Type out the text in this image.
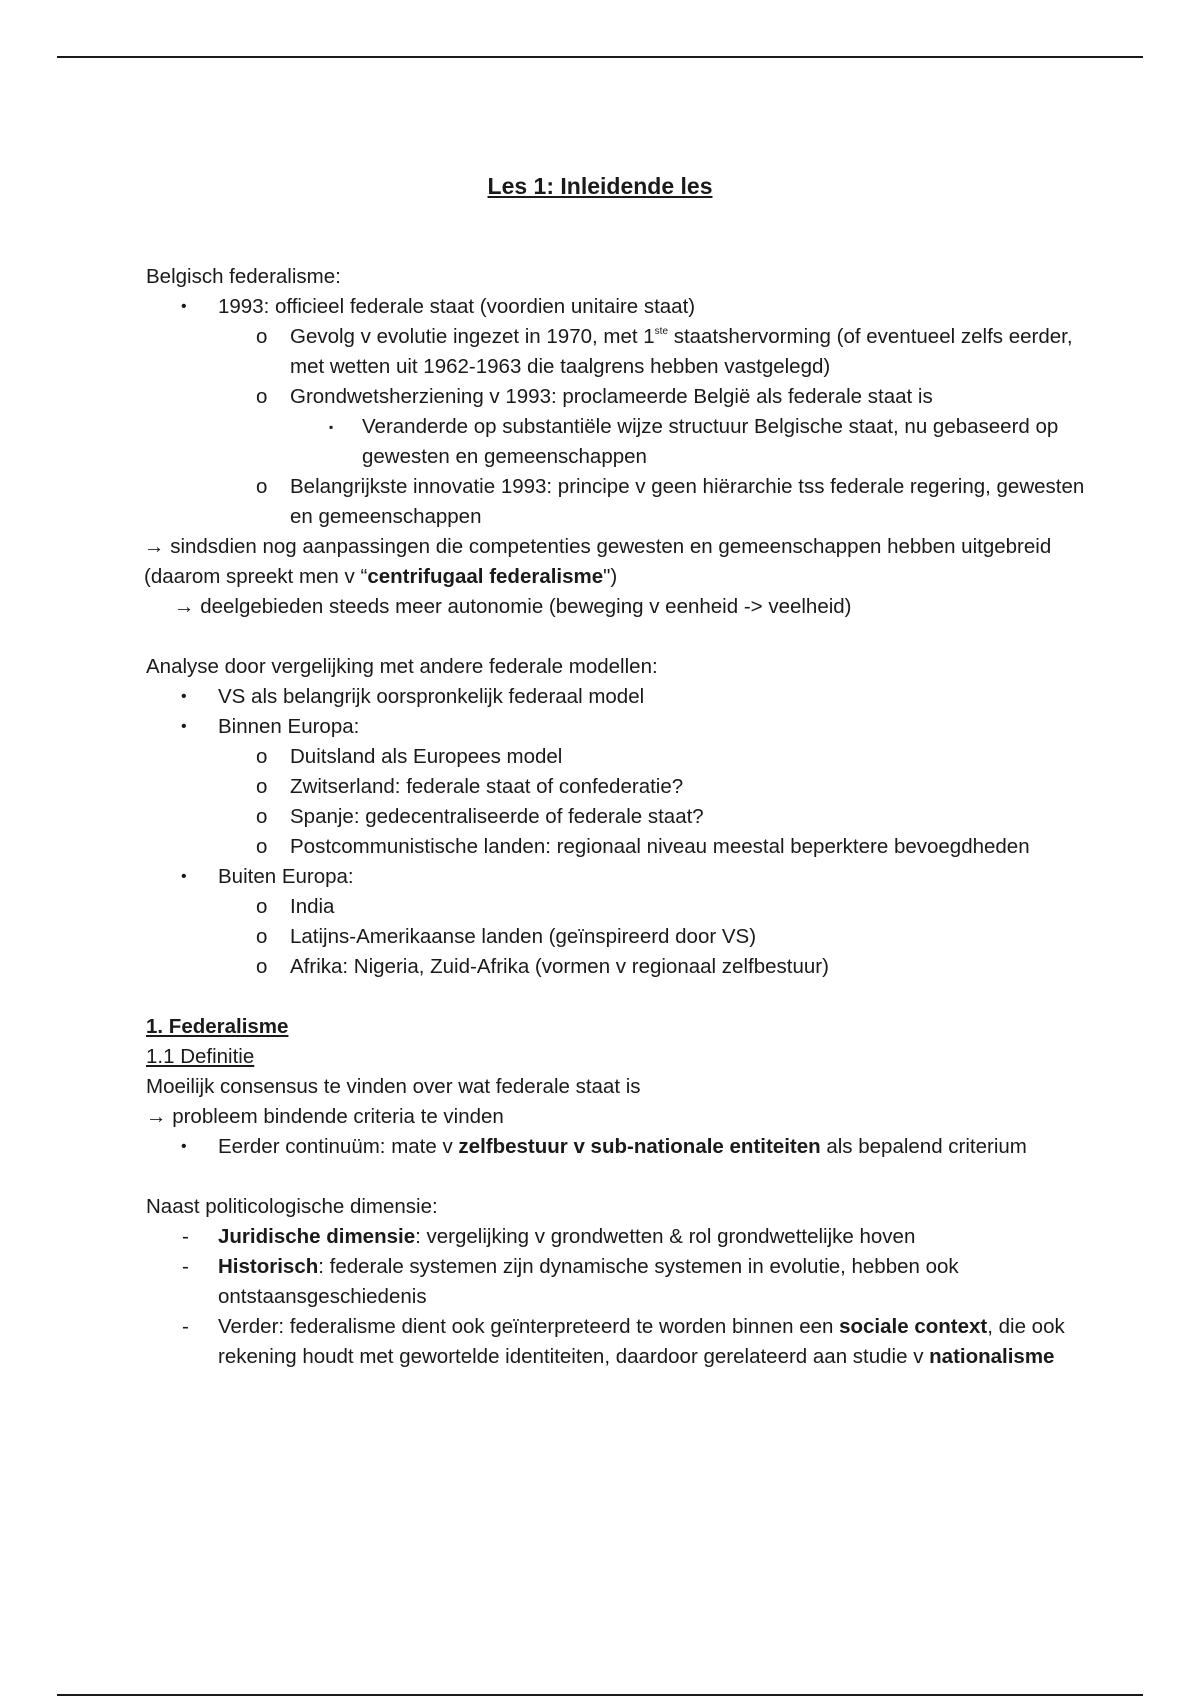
Les 1: Inleidende les

Belgisch federalisme:

• 1993: officieel federale staat (voordien unitaire staat)
o Gevolg v evolutie ingezet in 1970, met 1ste staatshervorming (of eventueel zelfs eerder, met wetten uit 1962-1963 die taalgrens hebben vastgelegd)
o Grondwetsherziening v 1993: proclameerde België als federale staat is
▪ Veranderde op substantiële wijze structuur Belgische staat, nu gebaseerd op gewesten en gemeenschappen
o Belangrijkste innovatie 1993: principe v geen hiërarchie tss federale regering, gewesten en gemeenschappen

→ sindsdien nog aanpassingen die competenties gewesten en gemeenschappen hebben uitgebreid (daarom spreekt men v “centrifugaal federalisme")

→ deelgebieden steeds meer autonomie (beweging v eenheid -> veelheid)

Analyse door vergelijking met andere federale modellen:

• VS als belangrijk oorspronkelijk federaal model
• Binnen Europa:
o Duitsland als Europees model
o Zwitserland: federale staat of confederatie?
o Spanje: gedecentraliseerde of federale staat?
o Postcommunistische landen: regionaal niveau meestal beperktere bevoegdheden
• Buiten Europa:
o India
o Latijns-Amerikaanse landen (geïnspireerd door VS)
o Afrika: Nigeria, Zuid-Afrika (vormen v regionaal zelfbestuur)

1. Federalisme

1.1 Definitie

Moeilijk consensus te vinden over wat federale staat is

→ probleem bindende criteria te vinden

• Eerder continuüm: mate v zelfbestuur v sub-nationale entiteiten als bepalend criterium

Naast politicologische dimensie:

- Juridische dimensie: vergelijking v grondwetten & rol grondwettelijke hoven
- Historisch: federale systemen zijn dynamische systemen in evolutie, hebben ook ontstaansgeschiedenis
- Verder: federalisme dient ook geïnterpreteerd te worden binnen een sociale context, die ook rekening houdt met gewortelde identiteiten, daardoor gerelateerd aan studie v nationalisme
